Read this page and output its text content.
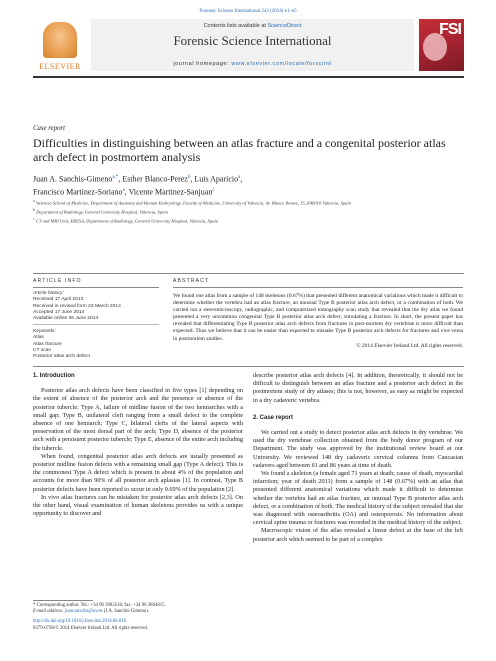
Forensic Science International 242 (2014) e1–e5
ELSEVIER
Contents lists available at ScienceDirect
Forensic Science International
journal homepage: www.elsevier.com/locate/forsciint
FSI
Case report
Difficulties in distinguishing between an atlas fracture and a congenital posterior atlas arch defect in postmortem analysis
Juan A. Sanchis-Gimeno$^{a,*}$, Esther Blanco-Perez$^b$, Luis Aparicio$^a$,
Francisco Martinez-Soriano$^a$, Vicente Martinez-Sanjuan$^c$
$^a$ Valencia School of Medicine, Department of Anatomy and Human Embryology, Faculty of Medicine, University of Valencia, Av. Blasco Ibanez, 15, E46010 Valencia, Spain
$^b$ Department of Radiology, General University Hospital, Valencia, Spain
$^c$ CT and MRI Unit, ERESA, Department of Radiology, General University Hospital, Valencia, Spain
ARTICLE INFO	ABSTRACT
Article history:
Received 17 April 2013
Received in revised form 23 March 2014
Accepted 17 June 2014
Available online 26 June 2014
Keywords:
Atlas
Atlas fracture
CT scan
Posterior atlas arch defect
We found one atlas from a sample of 148 skeletons (0.67%) that presented different anatomical variations which made it difficult to determine whether the vertebra had an atlas fracture, an unusual Type B posterior atlas arch defect, or a combination of both. We carried out a stereomicroscopy, radiographic, and computerized tomography scan study that revealed that the dry atlas we found presented a very uncommon congenital Type B posterior atlas arch defect, simulating a fracture. In short, the present paper has revealed that differentiating Type B posterior atlas arch defects from fractures in post-mortem dry vertebrae is more difficult than expected. Thus we believe that it can be easier than expected to mistake Type B posterior arch defects for fractures and vice versa in postmortem studies.
© 2014 Elsevier Ireland Ltd. All rights reserved.
1. Introduction

Posterior atlas arch defects have been classified in five types [1] depending on the extent of absence of the posterior arch and the presence or absence of the posterior tubercle: Type A, failure of midline fusion of the two hemiarches with a small gap; Type B, unilateral cleft ranging from a small defect to the complete absence of one hemiarch; Type C, bilateral clefts of the lateral aspects with preservation of the most dorsal part of the arch; Type D, absence of the posterior arch with a persistent posterior tubercle; Type E, absence of the entire arch including the tubercle.

When found, congenital posterior atlas arch defects are usually presented as posterior midline fusion defects with a remaining small gap (Type A defect). This is the commonest Type A defect which is present in about 4% of the population and accounts for more than 90% of all posterior arch aplasias [1]. In contrast, Type B posterior defects have been reported to occur in only 0.69% of the population [2].

In vivo atlas fractures can be mistaken for posterior atlas arch defects [2,3]. On the other hand, visual examination of human skeletons provides us with a unique opportunity to discover and

describe posterior atlas arch defects [4]. In addition, theoretically, it should not be difficult to distinguish between an atlas fracture and a posterior arch defect in the postmortem study of dry atlases; this is not, however, as easy as might be expected in a dry cadaveric vertebra.
2. Case report

We carried out a study to detect posterior atlas arch defects in dry vertebrae. We used the dry vertebrae collection obtained from the body donor program of our Department. The study was approved by the institutional review board at our University. We reviewed 148 dry cadaveric cervical columns from Caucasian cadavers aged between 61 and 86 years at time of death.

We found a skeleton (a female aged 71 years at death; cause of death, myocardial infarction; year of death 2011) from a sample of 148 (0.67%) with an atlas that presented different anatomical variations which made it difficult to determine whether the vertebra had an atlas fracture, an unusual Type B posterior atlas arch defect, or a combination of both. The medical history of the subject revealed that she was diagnosed with osteoarthritis (OA) and osteoporosis. No information about cervical spine trauma or fractures was recorded in the medical history of the subject.

Macroscopic vision of the atlas revealed a linear defect at the base of the left posterior arch which seemed to be part of a complex

* Corresponding author. Tel.: +34 96 3983518; fax: +34 96 3864815.
E-mail address: juan.sanchis@uv.es (J.A. Sanchis-Gimeno).
http://dx.doi.org/10.1016/j.forsciint.2014.06.016
0379-0738/© 2014 Elsevier Ireland Ltd. All rights reserved.
